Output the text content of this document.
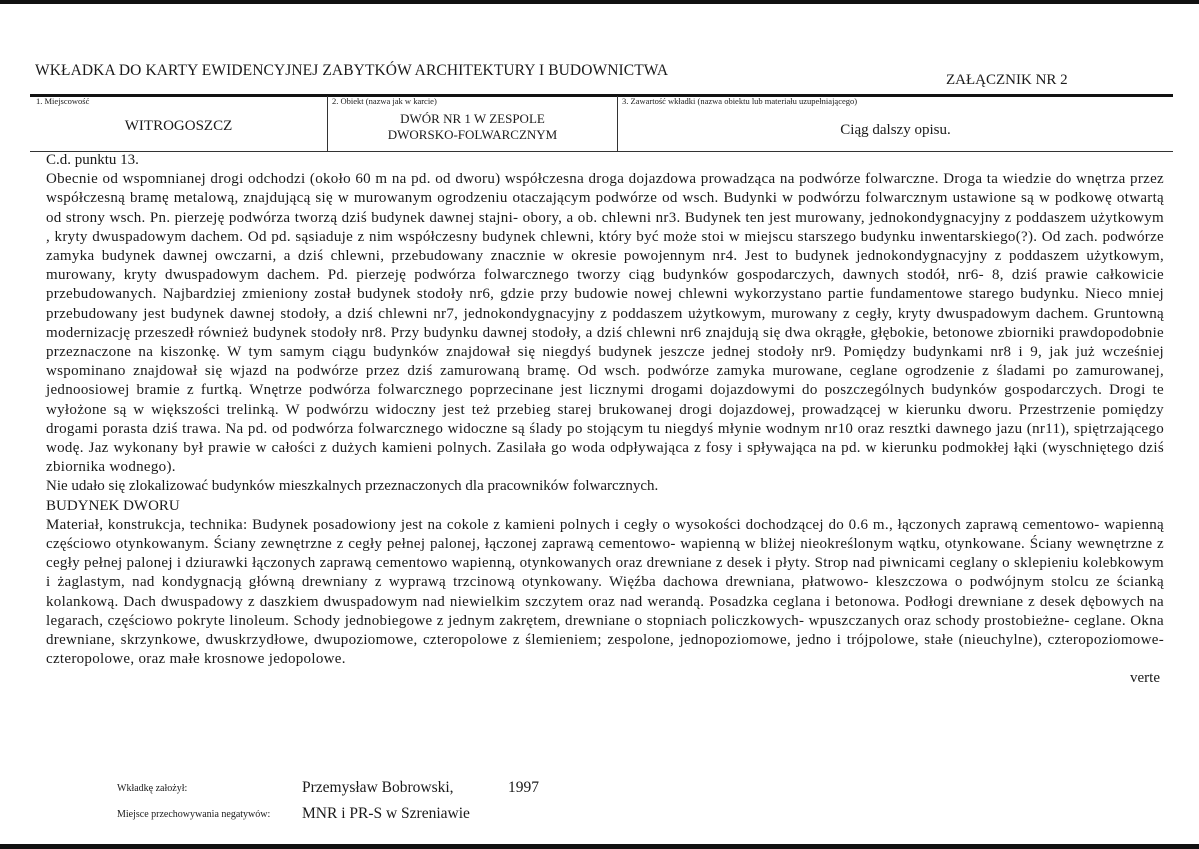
WKŁADKA DO KARTY EWIDENCYJNEJ ZABYTKÓW ARCHITEKTURY I BUDOWNICTWA
ZAŁĄCZNIK NR 2
1. Miejscowość
WITROGOSZCZ
2. Obiekt (nazwa jak w karcie)
DWÓR NR 1 W ZESPOLE
DWORSKO-FOLWARCZNYM
3. Zawartość wkładki (nazwa obiektu lub materiału uzupełniającego)
Ciąg dalszy opisu.

C.d. punktu 13.

Obecnie od wspomnianej drogi odchodzi (około 60 m na pd. od dworu) współczesna droga dojazdowa prowadząca na podwórze folwarczne. Droga ta wiedzie do wnętrza przez współczesną bramę metalową, znajdującą się w murowanym ogrodzeniu otaczającym podwórze od wsch. Budynki w podwórzu folwarcznym ustawione są w podkowę otwartą od strony wsch. Pn. pierzeję podwórza tworzą dziś budynek dawnej stajni- obory, a ob. chlewni nr3. Budynek ten jest murowany, jednokondygnacyjny z poddaszem użytkowym , kryty dwuspadowym dachem. Od pd. sąsiaduje z nim współczesny budynek chlewni, który być może stoi w miejscu starszego budynku inwentarskiego(?). Od zach. podwórze zamyka budynek dawnej owczarni, a dziś chlewni, przebudowany znacznie w okresie powojennym nr4. Jest to budynek jednokondygnacyjny z poddaszem użytkowym, murowany, kryty dwuspadowym dachem. Pd. pierzeję podwórza folwarcznego tworzy ciąg budynków gospodarczych, dawnych stodół, nr6- 8, dziś prawie całkowicie przebudowanych. Najbardziej zmieniony został budynek stodoły nr6, gdzie przy budowie nowej chlewni wykorzystano partie fundamentowe starego budynku. Nieco mniej przebudowany jest budynek dawnej stodoły, a dziś chlewni nr7, jednokondygnacyjny z poddaszem użytkowym, murowany z cegły, kryty dwuspadowym dachem. Gruntowną modernizację przeszedł również budynek stodoły nr8. Przy budynku dawnej stodoły, a dziś chlewni nr6 znajdują się dwa okrągłe, głębokie, betonowe zbiorniki prawdopodobnie przeznaczone na kiszonkę. W tym samym ciągu budynków znajdował się niegdyś budynek jeszcze jednej stodoły nr9. Pomiędzy budynkami nr8 i 9, jak już wcześniej wspominano znajdował się wjazd na podwórze przez dziś zamurowaną bramę. Od wsch. podwórze zamyka murowane, ceglane ogrodzenie z śladami po zamurowanej, jednoosiowej bramie z furtką. Wnętrze podwórza folwarcznego poprzecinane jest licznymi drogami dojazdowymi do poszczególnych budynków gospodarczych. Drogi te wyłożone są w większości trelinką. W podwórzu widoczny jest też przebieg starej brukowanej drogi dojazdowej, prowadzącej w kierunku dworu. Przestrzenie pomiędzy drogami porasta dziś trawa. Na pd. od podwórza folwarcznego widoczne są ślady po stojącym tu niegdyś młynie wodnym nr10 oraz resztki dawnego jazu (nr11), spiętrzającego wodę. Jaz wykonany był prawie w całości z dużych kamieni polnych. Zasilała go woda odpływająca z fosy i spływająca na pd. w kierunku podmokłej łąki (wyschniętego dziś zbiornika wodnego).

Nie udało się zlokalizować budynków mieszkalnych przeznaczonych dla pracowników folwarcznych.

BUDYNEK DWORU

Materiał, konstrukcja, technika: Budynek posadowiony jest na cokole z kamieni polnych i cegły o wysokości dochodzącej do 0.6 m., łączonych zaprawą cementowo- wapienną częściowo otynkowanym. Ściany zewnętrzne z cegły pełnej palonej, łączonej zaprawą cementowo- wapienną w bliżej nieokreślonym wątku, otynkowane. Ściany wewnętrzne z cegły pełnej palonej i dziurawki łączonych zaprawą cementowo wapienną, otynkowanych oraz drewniane z desek i płyty. Strop nad piwnicami ceglany o sklepieniu kolebkowym i żaglastym, nad kondygnacją główną drewniany z wyprawą trzcinową otynkowany. Więźba dachowa drewniana, płatwowo- kleszczowa o podwójnym stolcu ze ścianką kolankową. Dach dwuspadowy z daszkiem dwuspadowym nad niewielkim szczytem oraz nad werandą. Posadzka ceglana i betonowa. Podłogi drewniane z desek dębowych na legarach, częściowo pokryte linoleum. Schody jednobiegowe z jednym zakrętem, drewniane o stopniach policzkowych- wpuszczanych oraz schody prostobieżne- ceglane. Okna drewniane, skrzynkowe, dwuskrzydłowe, dwupoziomowe, czteropolowe z ślemieniem; zespolone, jednopoziomowe, jedno i trójpolowe, stałe (nieuchylne), czteropoziomowe- czteropolowe, oraz małe krosnowe jedopolowe.

verte

Wkładkę założył:	Przemysław Bobrowski,	1997
Miejsce przechowywania negatywów: MNR i PR-S w Szreniawie
